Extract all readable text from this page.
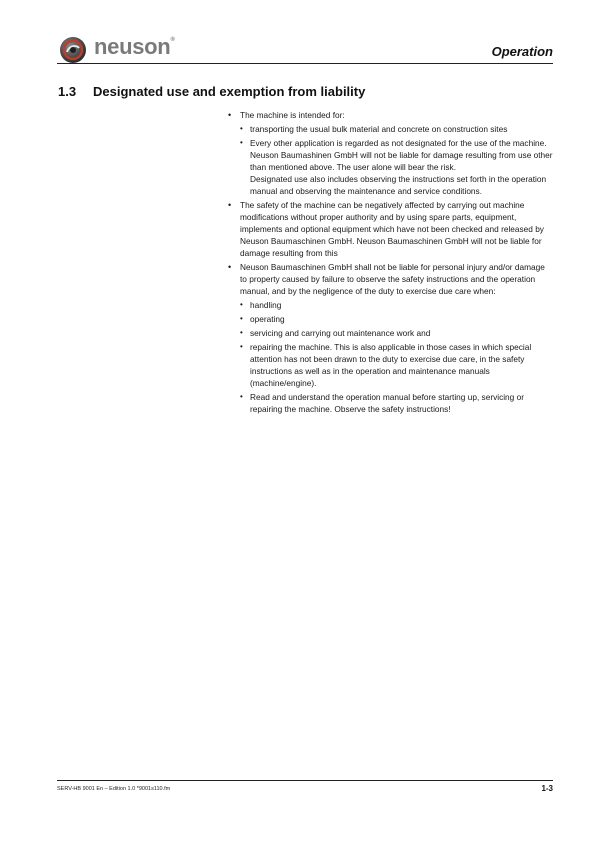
neuson®
Operation
1.3 Designated use and exemption from liability
• The machine is intended for:
• transporting the usual bulk material and concrete on construction sites
• Every other application is regarded as not designated for the use of the machine. Neuson Baumashinen GmbH will not be liable for damage resulting from use other than mentioned above. The user alone will bear the risk.
Designated use also includes observing the instructions set forth in the operation manual and observing the maintenance and service conditions.
• The safety of the machine can be negatively affected by carrying out machine modifications without proper authority and by using spare parts, equipment, implements and optional equipment which have not been checked and released by Neuson Baumaschinen GmbH. Neuson Baumaschinen GmbH will not be liable for damage resulting from this
• Neuson Baumaschinen GmbH shall not be liable for personal injury and/or damage to property caused by failure to observe the safety instructions and the operation manual, and by the negligence of the duty to exercise due care when:
• handling
• operating
• servicing and carrying out maintenance work and
• repairing the machine. This is also applicable in those cases in which special attention has not been drawn to the duty to exercise due care, in the safety instructions as well as in the operation and maintenance manuals (machine/engine).
• Read and understand the operation manual before starting up, servicing or repairing the machine. Observe the safety instructions!
SERV-HB 9001 En – Edition 1.0 *9001s110.fm	1-3
